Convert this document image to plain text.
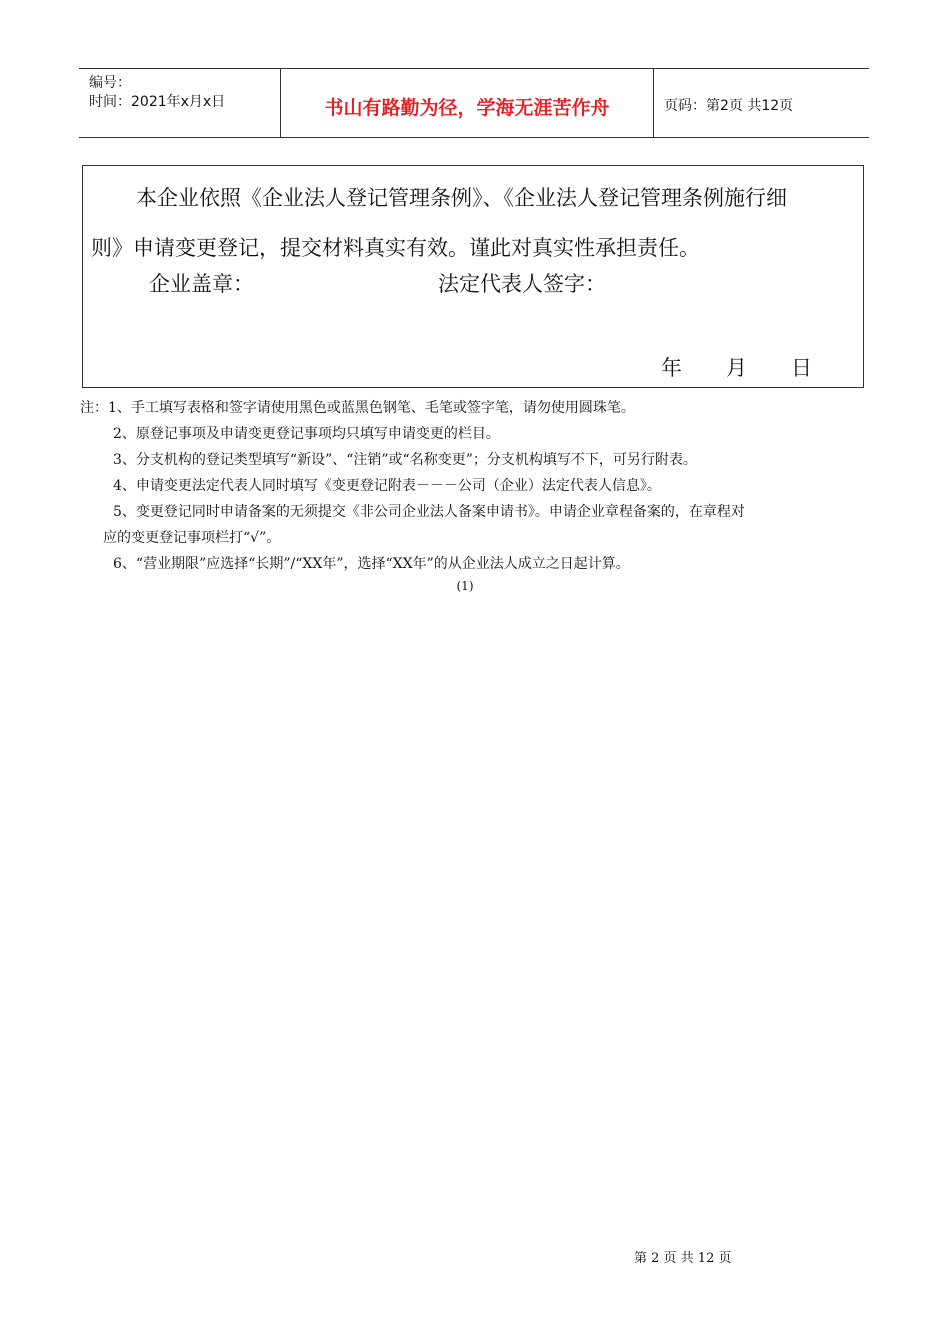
编号：
时间：2021年x月x日	书山有路勤为径，学海无涯苦作舟	页码：第2页 共12页
本企业依照《企业法人登记管理条例》、《企业法人登记管理条例施行细
则》申请变更登记，提交材料真实有效。谨此对真实性承担责任。
企业盖章：	法定代表人签字：
年 月 日
注：1、手工填写表格和签字请使用黑色或蓝黑色钢笔、毛笔或签字笔，请勿使用圆珠笔。
2、原登记事项及申请变更登记事项均只填写申请变更的栏目。
3、分支机构的登记类型填写“新设”、“注销”或“名称变更”；分支机构填写不下，可另行附表。
4、申请变更法定代表人同时填写《变更登记附表－－－公司（企业）法定代表人信息》。
5、变更登记同时申请备案的无须提交《非公司企业法人备案申请书》。申请企业章程备案的，在章程对
应的变更登记事项栏打“√”。
6、“营业期限”应选择“长期”/“XX年”，选择“XX年”的从企业法人成立之日起计算。
(1)
第 2 页 共 12 页
